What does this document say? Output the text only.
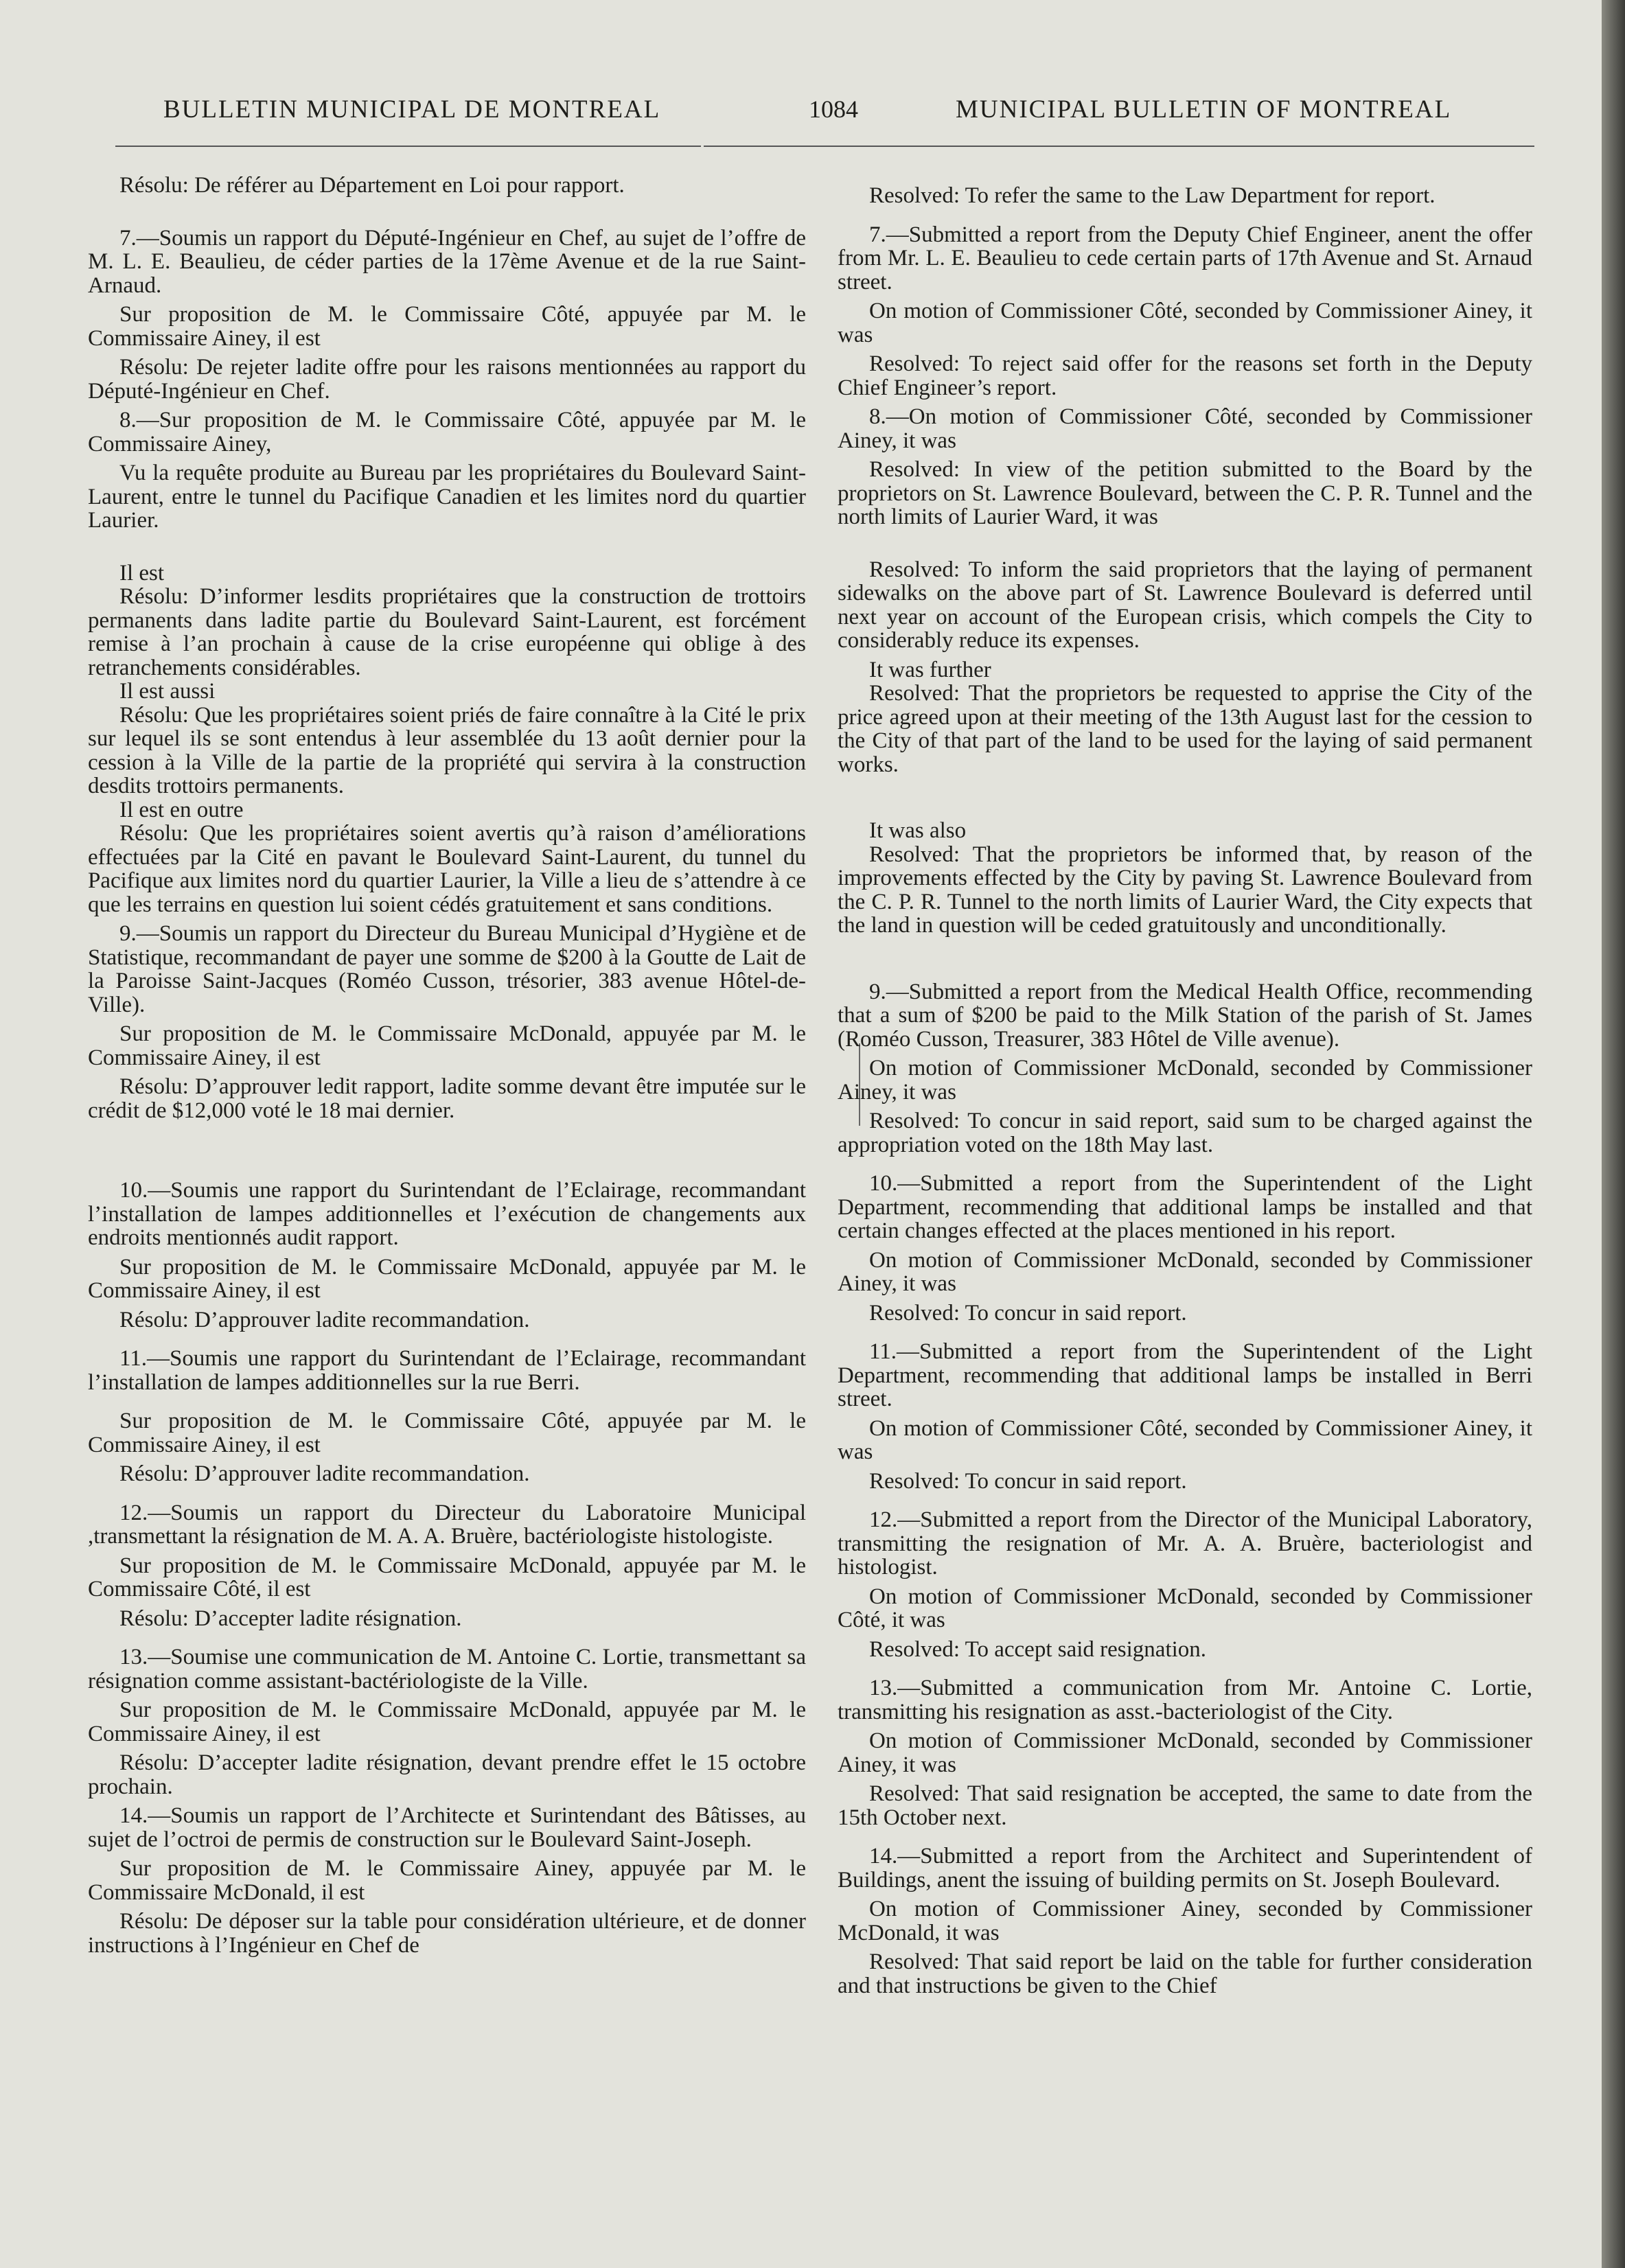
BULLETIN MUNICIPAL DE MONTREAL	1084	MUNICIPAL BULLETIN OF MONTREAL

Résolu: De référer au Département en Loi pour rapport.

7.—Soumis un rapport du Député-Ingénieur en Chef, au sujet de l’offre de M. L. E. Beaulieu, de céder parties de la 17ème Avenue et de la rue Saint-Arnaud.

Sur proposition de M. le Commissaire Côté, appuyée par M. le Commissaire Ainey, il est

Résolu: De rejeter ladite offre pour les raisons mentionnées au rapport du Député-Ingénieur en Chef.

8.—Sur proposition de M. le Commissaire Côté, appuyée par M. le Commissaire Ainey,

Vu la requête produite au Bureau par les propriétaires du Boulevard Saint-Laurent, entre le tunnel du Pacifique Canadien et les limites nord du quartier Laurier.

Il est

Résolu: D’informer lesdits propriétaires que la construction de trottoirs permanents dans ladite partie du Boulevard Saint-Laurent, est forcément remise à l’an prochain à cause de la crise européenne qui oblige à des retranchements considérables.

Il est aussi

Résolu: Que les propriétaires soient priés de faire connaître à la Cité le prix sur lequel ils se sont entendus à leur assemblée du 13 août dernier pour la cession à la Ville de la partie de la propriété qui servira à la construction desdits trottoirs permanents.

Il est en outre

Résolu: Que les propriétaires soient avertis qu’à raison d’améliorations effectuées par la Cité en pavant le Boulevard Saint-Laurent, du tunnel du Pacifique aux limites nord du quartier Laurier, la Ville a lieu de s’attendre à ce que les terrains en question lui soient cédés gratuitement et sans conditions.

9.—Soumis un rapport du Directeur du Bureau Municipal d’Hygiène et de Statistique, recommandant de payer une somme de $200 à la Goutte de Lait de la Paroisse Saint-Jacques (Roméo Cusson, trésorier, 383 avenue Hôtel-de-Ville).

Sur proposition de M. le Commissaire McDonald, appuyée par M. le Commissaire Ainey, il est

Résolu: D’approuver ledit rapport, ladite somme devant être imputée sur le crédit de $12,000 voté le 18 mai dernier.

10.—Soumis une rapport du Surintendant de l’Eclairage, recommandant l’installation de lampes additionnelles et l’exécution de changements aux endroits mentionnés audit rapport.

Sur proposition de M. le Commissaire McDonald, appuyée par M. le Commissaire Ainey, il est

Résolu: D’approuver ladite recommandation.

11.—Soumis une rapport du Surintendant de l’Eclairage, recommandant l’installation de lampes additionnelles sur la rue Berri.

Sur proposition de M. le Commissaire Côté, appuyée par M. le Commissaire Ainey, il est

Résolu: D’approuver ladite recommandation.

12.—Soumis un rapport du Directeur du Laboratoire Municipal ,transmettant la résignation de M. A. A. Bruère, bactériologiste histologiste.

Sur proposition de M. le Commissaire McDonald, appuyée par M. le Commissaire Côté, il est

Résolu: D’accepter ladite résignation.

13.—Soumise une communication de M. Antoine C. Lortie, transmettant sa résignation comme assistant-bactériologiste de la Ville.

Sur proposition de M. le Commissaire McDonald, appuyée par M. le Commissaire Ainey, il est

Résolu: D’accepter ladite résignation, devant prendre effet le 15 octobre prochain.

14.—Soumis un rapport de l’Architecte et Surintendant des Bâtisses, au sujet de l’octroi de permis de construction sur le Boulevard Saint-Joseph.

Sur proposition de M. le Commissaire Ainey, appuyée par M. le Commissaire McDonald, il est

Résolu: De déposer sur la table pour considération ultérieure, et de donner instructions à l’Ingénieur en Chef de

Resolved: To refer the same to the Law Department for report.

7.—Submitted a report from the Deputy Chief Engineer, anent the offer from Mr. L. E. Beaulieu to cede certain parts of 17th Avenue and St. Arnaud street.

On motion of Commissioner Côté, seconded by Commissioner Ainey, it was

Resolved: To reject said offer for the reasons set forth in the Deputy Chief Engineer’s report.

8.—On motion of Commissioner Côté, seconded by Commissioner Ainey, it was

Resolved: In view of the petition submitted to the Board by the proprietors on St. Lawrence Boulevard, between the C. P. R. Tunnel and the north limits of Laurier Ward, it was

Resolved: To inform the said proprietors that the laying of permanent sidewalks on the above part of St. Lawrence Boulevard is deferred until next year on account of the European crisis, which compels the City to considerably reduce its expenses.

It was further

Resolved: That the proprietors be requested to apprise the City of the price agreed upon at their meeting of the 13th August last for the cession to the City of that part of the land to be used for the laying of said permanent works.

It was also

Resolved: That the proprietors be informed that, by reason of the improvements effected by the City by paving St. Lawrence Boulevard from the C. P. R. Tunnel to the north limits of Laurier Ward, the City expects that the land in question will be ceded gratuitously and unconditionally.

9.—Submitted a report from the Medical Health Office, recommending that a sum of $200 be paid to the Milk Station of the parish of St. James (Roméo Cusson, Treasurer, 383 Hôtel de Ville avenue).

On motion of Commissioner McDonald, seconded by Commissioner Ainey, it was

Resolved: To concur in said report, said sum to be charged against the appropriation voted on the 18th May last.

10.—Submitted a report from the Superintendent of the Light Department, recommending that additional lamps be installed and that certain changes effected at the places mentioned in his report.

On motion of Commissioner McDonald, seconded by Commissioner Ainey, it was

Resolved: To concur in said report.

11.—Submitted a report from the Superintendent of the Light Department, recommending that additional lamps be installed in Berri street.

On motion of Commissioner Côté, seconded by Commissioner Ainey, it was

Resolved: To concur in said report.

12.—Submitted a report from the Director of the Municipal Laboratory, transmitting the resignation of Mr. A. A. Bruère, bacteriologist and histologist.

On motion of Commissioner McDonald, seconded by Commissioner Côté, it was

Resolved: To accept said resignation.

13.—Submitted a communication from Mr. Antoine C. Lortie, transmitting his resignation as asst.-bacteriologist of the City.

On motion of Commissioner McDonald, seconded by Commissioner Ainey, it was

Resolved: That said resignation be accepted, the same to date from the 15th October next.

14.—Submitted a report from the Architect and Superintendent of Buildings, anent the issuing of building permits on St. Joseph Boulevard.

On motion of Commissioner Ainey, seconded by Commissioner McDonald, it was

Resolved: That said report be laid on the table for further consideration and that instructions be given to the Chief
